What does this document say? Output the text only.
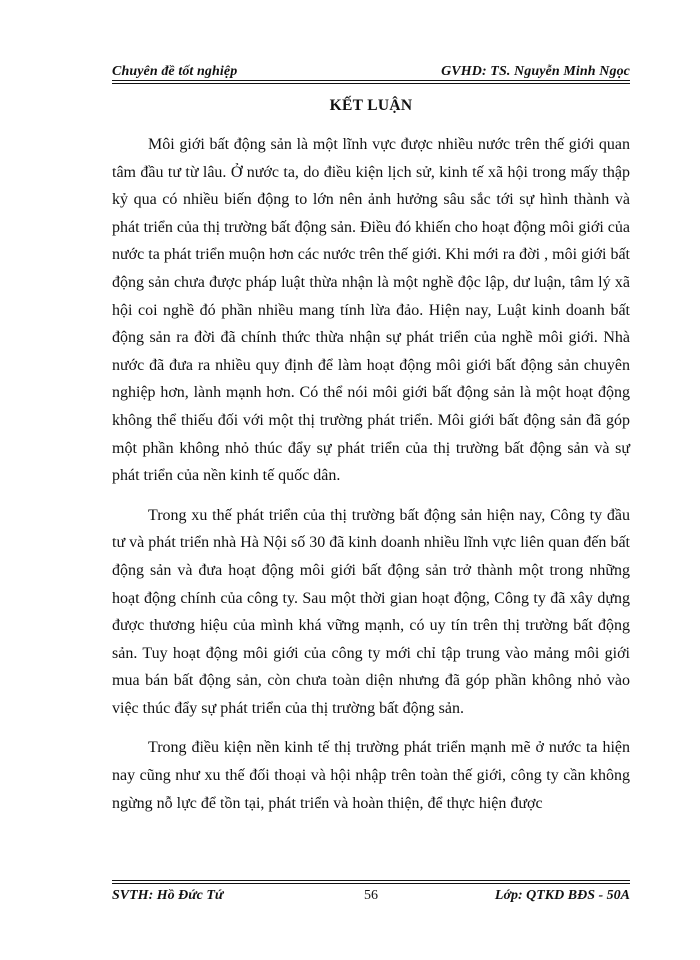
Chuyên đề tốt nghiệp	GVHD: TS. Nguyễn Minh Ngọc
KẾT LUẬN

Môi giới bất động sản là một lĩnh vực được nhiều nước trên thế giới quan tâm đầu tư từ lâu. Ở nước ta, do điều kiện lịch sử, kinh tế xã hội trong mấy thập kỷ qua có nhiều biến động to lớn nên ảnh hưởng sâu sắc tới sự hình thành và phát triển của thị trường bất động sản. Điều đó khiến cho hoạt động môi giới của nước ta phát triển muộn hơn các nước trên thế giới. Khi mới ra đời , môi giới bất động sản chưa được pháp luật thừa nhận là một nghề độc lập, dư luận, tâm lý xã hội coi nghề đó phần nhiều mang tính lừa đảo. Hiện nay, Luật kinh doanh bất động sản ra đời đã chính thức thừa nhận sự phát triển của nghề môi giới. Nhà nước đã đưa ra nhiều quy định để làm hoạt động môi giới bất động sản chuyên nghiệp hơn, lành mạnh hơn. Có thể nói môi giới bất động sản là một hoạt động không thể thiếu đối với một thị trường phát triển. Môi giới bất động sản đã góp một phần không nhỏ thúc đẩy sự phát triển của thị trường bất động sản và sự phát triển của nền kinh tế quốc dân.

Trong xu thế phát triển của thị trường bất động sản hiện nay, Công ty đầu tư và phát triển nhà Hà Nội số 30 đã kinh doanh nhiều lĩnh vực liên quan đến bất động sản và đưa hoạt động môi giới bất động sản trở thành một trong những hoạt động chính của công ty. Sau một thời gian hoạt động, Công ty đã xây dựng được thương hiệu của mình khá vững mạnh, có uy tín trên thị trường bất động sản. Tuy hoạt động môi giới của công ty mới chỉ tập trung vào mảng môi giới mua bán bất động sản, còn chưa toàn diện nhưng đã góp phần không nhỏ vào việc thúc đẩy sự phát triển của thị trường bất động sản.

Trong điều kiện nền kinh tế thị trường phát triển mạnh mẽ ở nước ta hiện nay cũng như xu thế đối thoại và hội nhập trên toàn thế giới, công ty cần không ngừng nỗ lực để tồn tại, phát triển và hoàn thiện, để thực hiện được

SVTH: Hồ Đức Tứ	56	Lớp: QTKD BĐS - 50A
